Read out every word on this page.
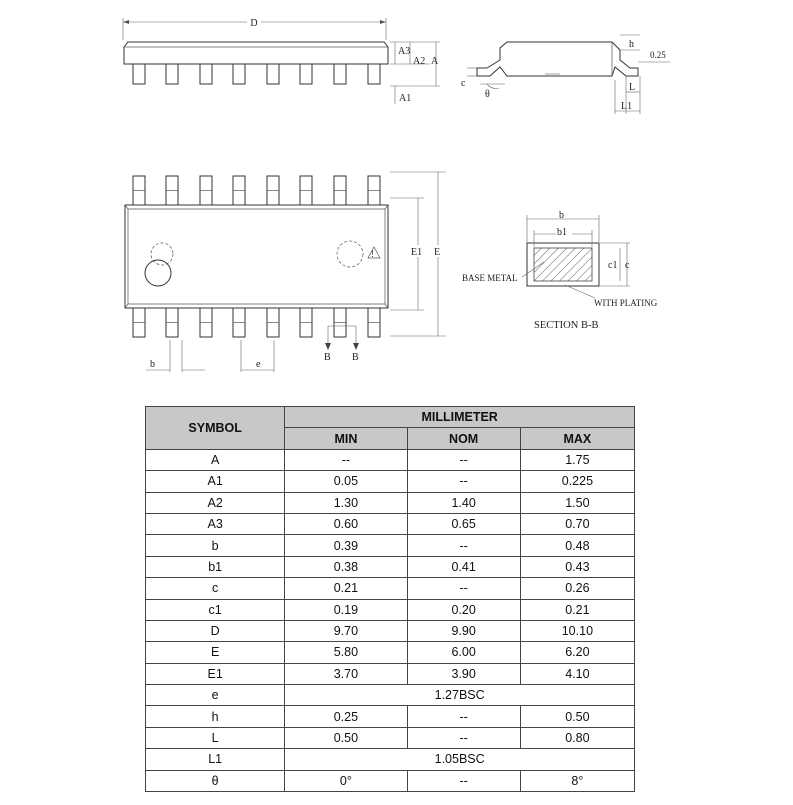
D
A3
A2 A
A1
h
0.25
c
θ
L
L1
!	E1 E
b	e
B B
b
b1
c1 c
BASE METAL
WITH PLATING
SECTION B-B
SYMBOL	MILLIMETER		
	MIN	NOM	MAX
A	--	--	1.75
A1	0.05	--	0.225
A2	1.30	1.40	1.50
A3	0.60	0.65	0.70
b	0.39	--	0.48
b1	0.38	0.41	0.43
c	0.21	--	0.26
c1	0.19	0.20	0.21
D	9.70	9.90	10.10
E	5.80	6.00	6.20
E1	3.70	3.90	4.10
e	1.27BSC		
h	0.25	--	0.50
L	0.50	--	0.80
L1	1.05BSC		
θ	0°	--	8°
